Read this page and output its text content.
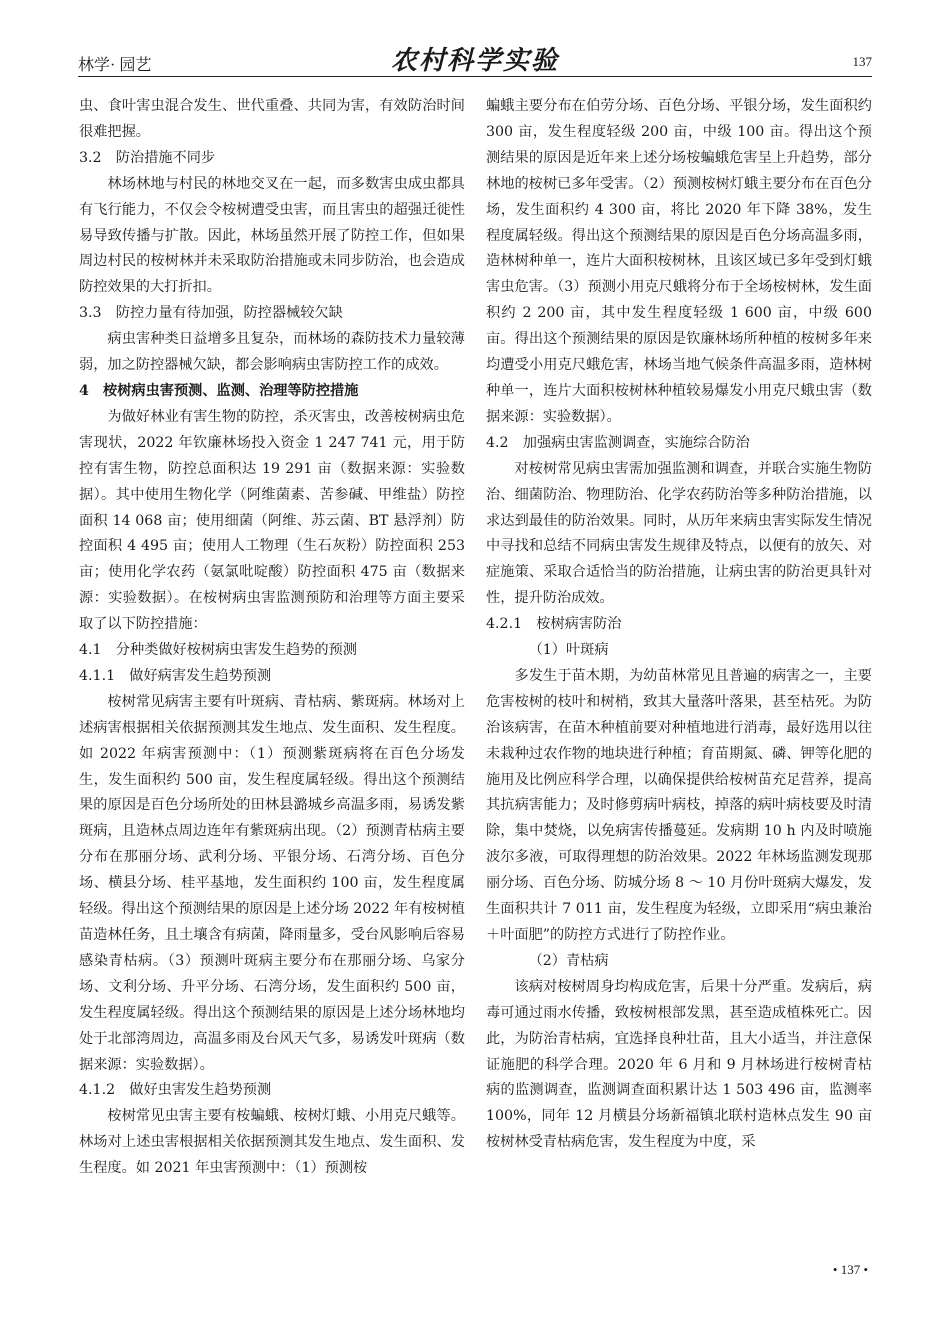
林学· 园艺	农村科学实验	137

虫、食叶害虫混合发生、世代重叠、共同为害，有效防治时间很难把握。

3.2　防治措施不同步

林场林地与村民的林地交叉在一起，而多数害虫成虫都具有飞行能力，不仅会令桉树遭受虫害，而且害虫的超强迁徙性易导致传播与扩散。因此，林场虽然开展了防控工作，但如果周边村民的桉树林并未采取防治措施或未同步防治，也会造成防控效果的大打折扣。

3.3　防控力量有待加强，防控器械较欠缺

病虫害种类日益增多且复杂，而林场的森防技术力量较薄弱，加之防控器械欠缺，都会影响病虫害防控工作的成效。

4　桉树病虫害预测、监测、治理等防控措施

为做好林业有害生物的防控，杀灭害虫，改善桉树病虫危害现状，2022 年钦廉林场投入资金 1 247 741 元，用于防控有害生物，防控总面积达 19 291 亩（数据来源：实验数据）。其中使用生物化学（阿维菌素、苦参碱、甲维盐）防控面积 14 068 亩；使用细菌（阿维、苏云菌、BT 悬浮剂）防控面积 4 495 亩；使用人工物理（生石灰粉）防控面积 253 亩；使用化学农药（氨氯吡啶酸）防控面积 475 亩（数据来源：实验数据）。在桉树病虫害监测预防和治理等方面主要采取了以下防控措施：

4.1　分种类做好桉树病虫害发生趋势的预测

4.1.1　做好病害发生趋势预测

桉树常见病害主要有叶斑病、青枯病、紫斑病。林场对上述病害根据相关依据预测其发生地点、发生面积、发生程度。如 2022 年病害预测中：（1）预测紫斑病将在百色分场发生，发生面积约 500 亩，发生程度属轻级。得出这个预测结果的原因是百色分场所处的田林县潞城乡高温多雨，易诱发紫斑病，且造林点周边连年有紫斑病出现。（2）预测青枯病主要分布在那丽分场、武利分场、平银分场、石湾分场、百色分场、横县分场、桂平基地，发生面积约 100 亩，发生程度属轻级。得出这个预测结果的原因是上述分场 2022 年有桉树植苗造林任务，且土壤含有病菌，降雨量多，受台风影响后容易感染青枯病。（3）预测叶斑病主要分布在那丽分场、乌家分场、文利分场、升平分场、石湾分场，发生面积约 500 亩，发生程度属轻级。得出这个预测结果的原因是上述分场林地均处于北部湾周边，高温多雨及台风天气多，易诱发叶斑病（数据来源：实验数据）。

4.1.2　做好虫害发生趋势预测

桉树常见虫害主要有桉蝙蛾、桉树灯蛾、小用克尺蛾等。林场对上述虫害根据相关依据预测其发生地点、发生面积、发生程度。如 2021 年虫害预测中：（1）预测桉

蝙蛾主要分布在伯劳分场、百色分场、平银分场，发生面积约 300 亩，发生程度轻级 200 亩，中级 100 亩。得出这个预测结果的原因是近年来上述分场桉蝙蛾危害呈上升趋势，部分林地的桉树已多年受害。（2）预测桉树灯蛾主要分布在百色分场，发生面积约 4 300 亩，将比 2020 年下降 38%，发生程度属轻级。得出这个预测结果的原因是百色分场高温多雨，造林树种单一，连片大面积桉树林，且该区域已多年受到灯蛾害虫危害。（3）预测小用克尺蛾将分布于全场桉树林，发生面积约 2 200 亩，其中发生程度轻级 1 600 亩，中级 600 亩。得出这个预测结果的原因是钦廉林场所种植的桉树多年来均遭受小用克尺蛾危害，林场当地气候条件高温多雨，造林树种单一，连片大面积桉树林种植较易爆发小用克尺蛾虫害（数据来源：实验数据）。

4.2　加强病虫害监测调查，实施综合防治

对桉树常见病虫害需加强监测和调查，并联合实施生物防治、细菌防治、物理防治、化学农药防治等多种防治措施，以求达到最佳的防治效果。同时，从历年来病虫害实际发生情况中寻找和总结不同病虫害发生规律及特点，以便有的放矢、对症施策、采取合适恰当的防治措施，让病虫害的防治更具针对性，提升防治成效。

4.2.1　桉树病害防治

（1）叶斑病

多发生于苗木期，为幼苗林常见且普遍的病害之一，主要危害桉树的枝叶和树梢，致其大量落叶落果，甚至枯死。为防治该病害，在苗木种植前要对种植地进行消毒，最好选用以往未栽种过农作物的地块进行种植；育苗期氮、磷、钾等化肥的施用及比例应科学合理，以确保提供给桉树苗充足营养，提高其抗病害能力；及时修剪病叶病枝，掉落的病叶病枝要及时清除，集中焚烧，以免病害传播蔓延。发病期 10 h 内及时喷施波尔多液，可取得理想的防治效果。2022 年林场监测发现那丽分场、百色分场、防城分场 8 ～ 10 月份叶斑病大爆发，发生面积共计 7 011 亩，发生程度为轻级，立即采用“病虫兼治＋叶面肥”的防控方式进行了防控作业。

（2）青枯病

该病对桉树周身均构成危害，后果十分严重。发病后，病毒可通过雨水传播，致桉树根部发黑，甚至造成植株死亡。因此，为防治青枯病，宜选择良种壮苗，且大小适当，并注意保证施肥的科学合理。2020 年 6 月和 9 月林场进行桉树青枯病的监测调查，监测调查面积累计达 1 503 496 亩，监测率 100%，同年 12 月横县分场新福镇北联村造林点发生 90 亩桉树林受青枯病危害，发生程度为中度，采

• 137 •
